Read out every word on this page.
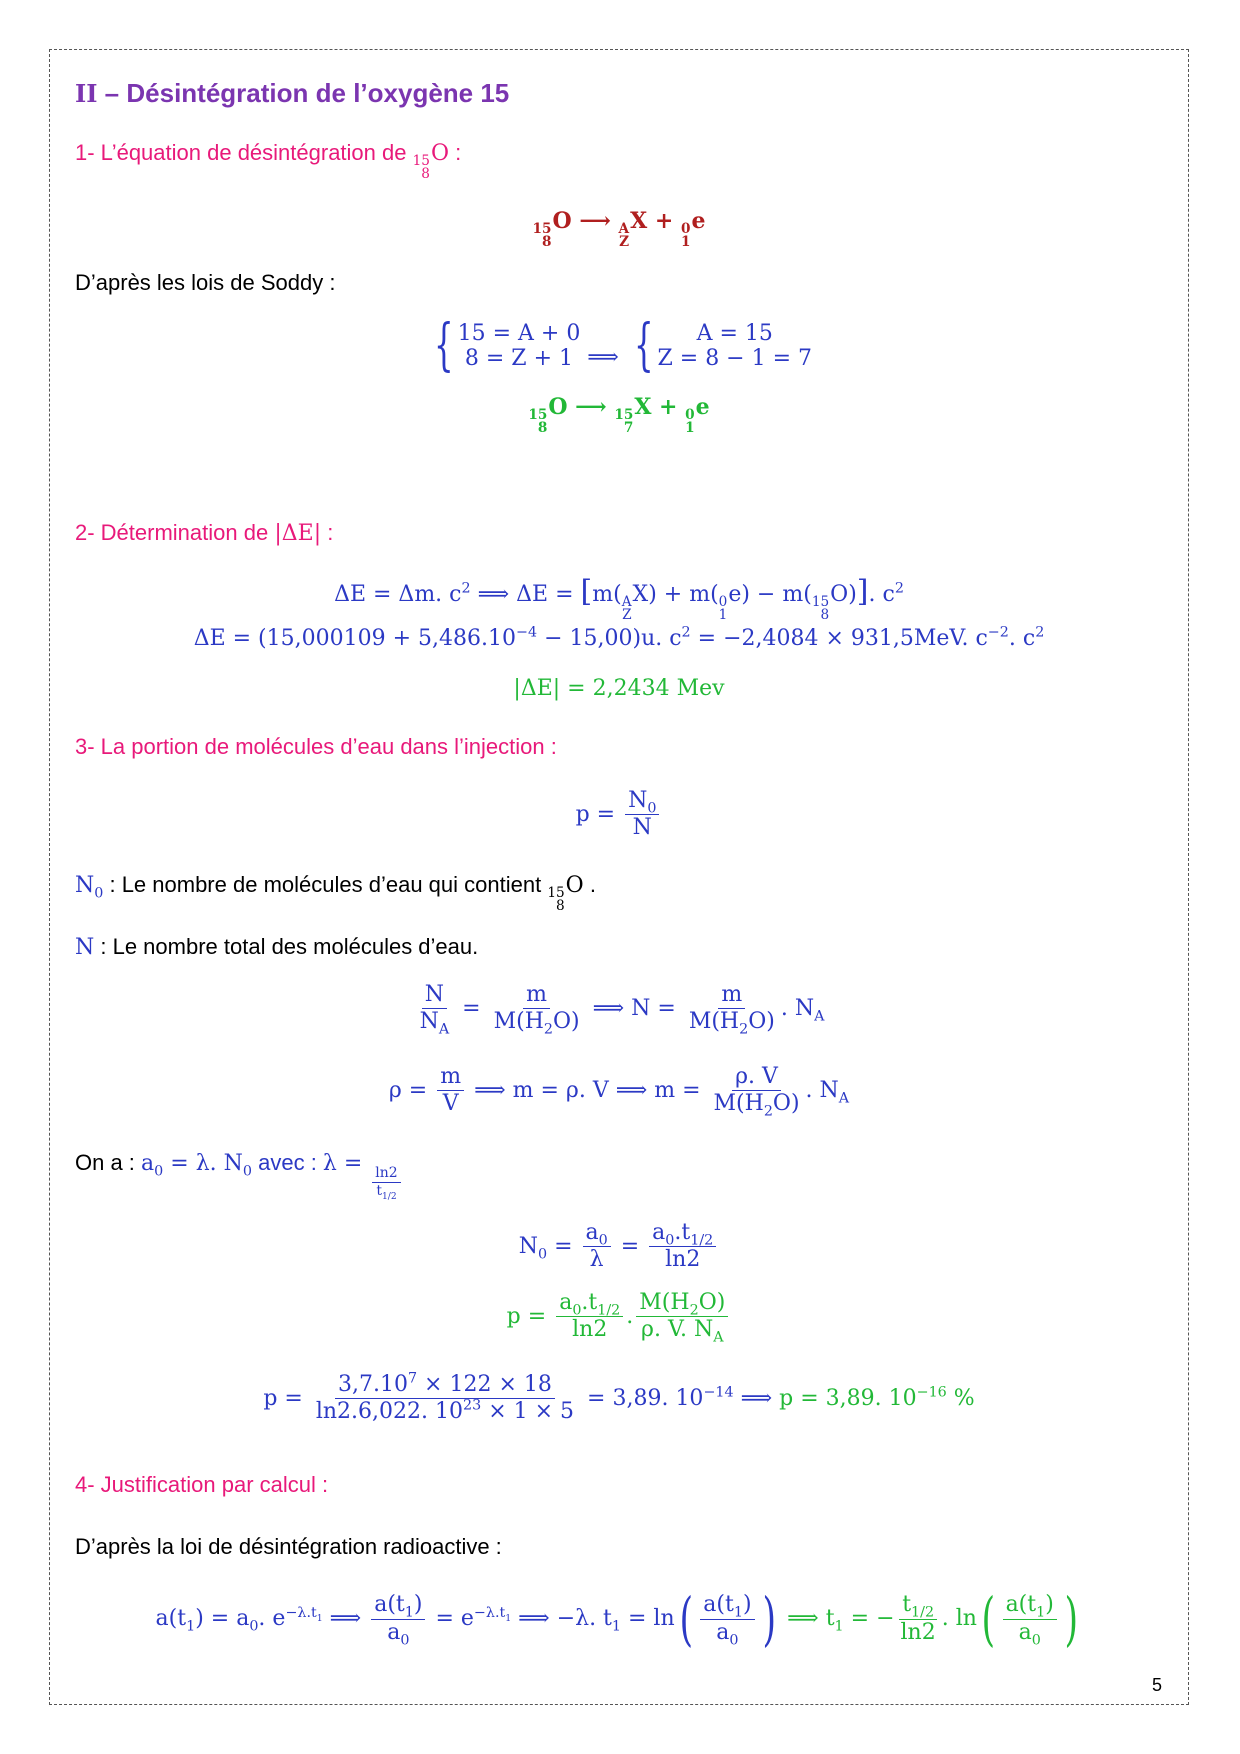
II – Désintégration de l’oxygène 15
1- L’équation de désintégration de 15
8
O :
15
8
O ⟶ A
Z
X + 0
1
e
D’après les lois de Soddy :
{ 15 = A + 0
8 = Z + 1 ⟹ {	A = 15
Z = 8 − 1 = 7
15
8
O ⟶ 15
7
X + 0
1
e
2- Détermination de |ΔE| :
ΔE = Δm. $c^2$ ⟹ ΔE = [m( A
Z
X) + m( 0
1
e) − m( 15
8
O)]. $c^2$
$\Delta E = (15,000109 + 5,486.10^{-4} - 15,00)u$. $c^2 = -2,4084 \times 931,5MeV$. $c^{-2}$. $c^2$
|ΔE| = 2,2434 Mev
3- La portion de molécules d’eau dans l’injection :
$p = \frac{N_0}{N}$
$N_0$ : Le nombre de molécules d’eau qui contient 15
8
O .
N : Le nombre total des molécules d’eau.
$\frac{N}{N_A} = \frac{m}{M(H_2O)}$ ⟹ $N = \frac{m}{M(H_2O)}$ . $N_A$
$\rho = \frac{m}{V}$ ⟹ m = ρ. V ⟹ $m = \frac{\rho. V}{M(H_2O)}$ . $N_A$
On a : $a_0 = \lambda$. $N_0$ avec : λ =
$\frac{\ln 2}{t_{1/2}}$
$N_0 = \frac{a_0}{\lambda} = \frac{a_0.t_{1/2}}{\ln 2}$
$p = \frac{a_0.t_{1/2}}{\ln 2}$ . $\frac{M(H_2O)}{\rho. V. N_A}$
$p = \frac{3,7.10^7 \times 122 \times 18}{\ln 2.6,022. 10^{23} \times 1 \times 5} = 3,89$. $10^{-14}$ ⟹ p = 3,89. $10^{-16}$ %
4- Justification par calcul :
D’après la loi de désintégration radioactive :
$a(t_1) = a_0$. $e^{-\lambda.t_1}$ ⟹ $\frac{a(t_1)}{a_0} = e^{-\lambda.t_1}$ ⟹ −λ. $t_1 = \ln( \frac{a(t_1)}{a_0}$ ) ⟹ $t_1$ = − $\frac{t_{1/2}}{\ln 2}$ . $\ln( \frac{a(t_1)}{a_0}$ )
5
